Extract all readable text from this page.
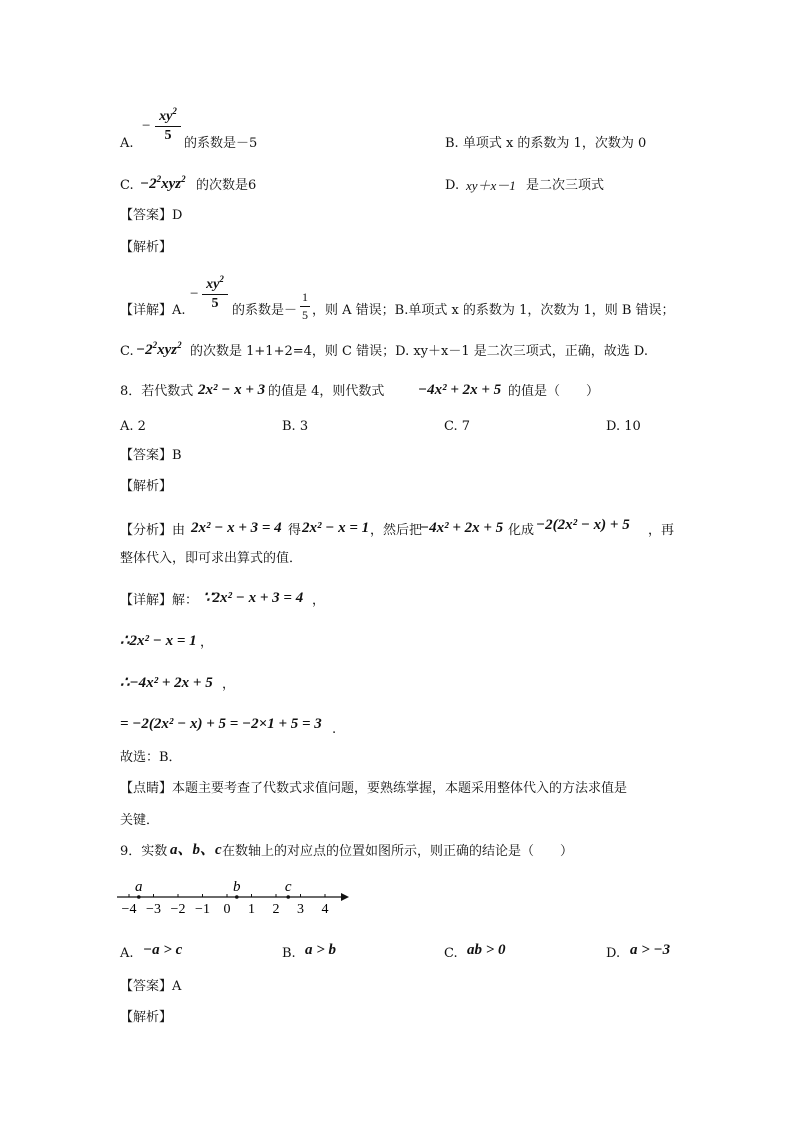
−
$xy^2$
5
A.	的系数是－5	B. 单项式 x 的系数为 1，次数为 0
C. $-2^2xyz^2$ 的次数是6	D. xy＋x－1 是二次三项式
【答案】D
【解析】
【详解】A.
−
$xy^2$
5	的系数是－
1
5 ，则 A 错误；B.单项式 x 的系数为 1，次数为 1，则 B 错误；
C. $-2^2xyz^2$ 的次数是 1+1+2=4，则 C 错误；D. xy＋x－1 是二次三项式，正确，故选 D.
8．若代数式 2x² − x + 3 的值是 4，则代数式 −4x² + 2x + 5 的值是（　　）
A. 2	B. 3	C. 7	D. 10
【答案】B
【解析】
【分析】由 2x² − x + 3 = 4 得 2x² − x = 1 ，然后把
−4x² + 2x + 5 化成 −2(2x² − x) + 5 ，再
整体代入，即可求出算式的值．
【详解】解： ∵2x² − x + 3 = 4 ，
∴2x² − x = 1 ，
∴−4x² + 2x + 5 ，
= −2(2x² − x) + 5 = −2×1 + 5 = 3 .
故选：B．
【点睛】本题主要考查了代数式求值问题，要熟练掌握，本题采用整体代入的方法求值是
关键．
9．实数 a、b、c 在数轴上的对应点的位置如图所示，则正确的结论是（　　）
−4 −3 −2 −1 0 1 2 3 4
a	b	c
A. −a > c	B. a > b	C. ab > 0	D. a > −3
【答案】A
【解析】
